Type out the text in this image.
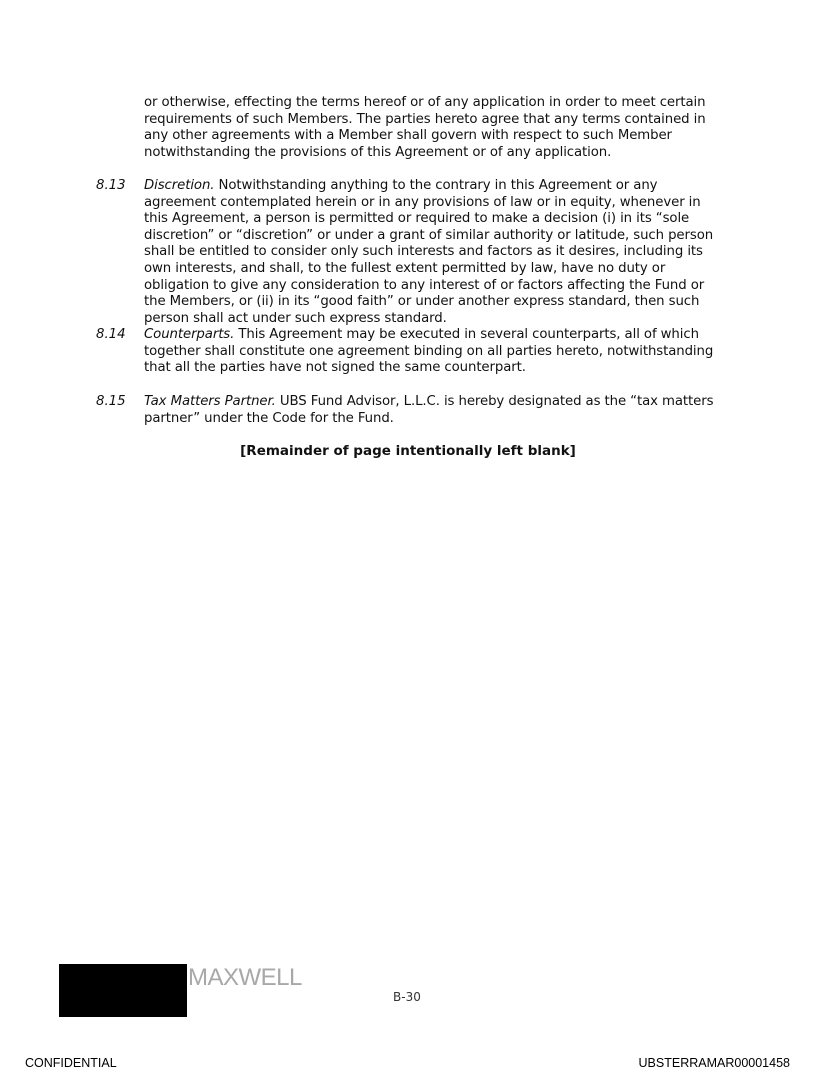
or otherwise, effecting the terms hereof or of any application in order to meet certain requirements of such Members. The parties hereto agree that any terms contained in any other agreements with a Member shall govern with respect to such Member notwithstanding the provisions of this Agreement or of any application.

8.13 Discretion. Notwithstanding anything to the contrary in this Agreement or any agreement contemplated herein or in any provisions of law or in equity, whenever in this Agreement, a person is permitted or required to make a decision (i) in its “sole discretion” or “discretion” or under a grant of similar authority or latitude, such person shall be entitled to consider only such interests and factors as it desires, including its own interests, and shall, to the fullest extent permitted by law, have no duty or obligation to give any consideration to any interest of or factors affecting the Fund or the Members, or (ii) in its “good faith” or under another express standard, then such person shall act under such express standard.

8.14 Counterparts. This Agreement may be executed in several counterparts, all of which together shall constitute one agreement binding on all parties hereto, notwithstanding that all the parties have not signed the same counterpart.

8.15 Tax Matters Partner. UBS Fund Advisor, L.L.C. is hereby designated as the “tax matters partner” under the Code for the Fund.

[Remainder of page intentionally left blank]
MAXWELL
B-30
CONFIDENTIAL	UBSTERRAMAR00001458
